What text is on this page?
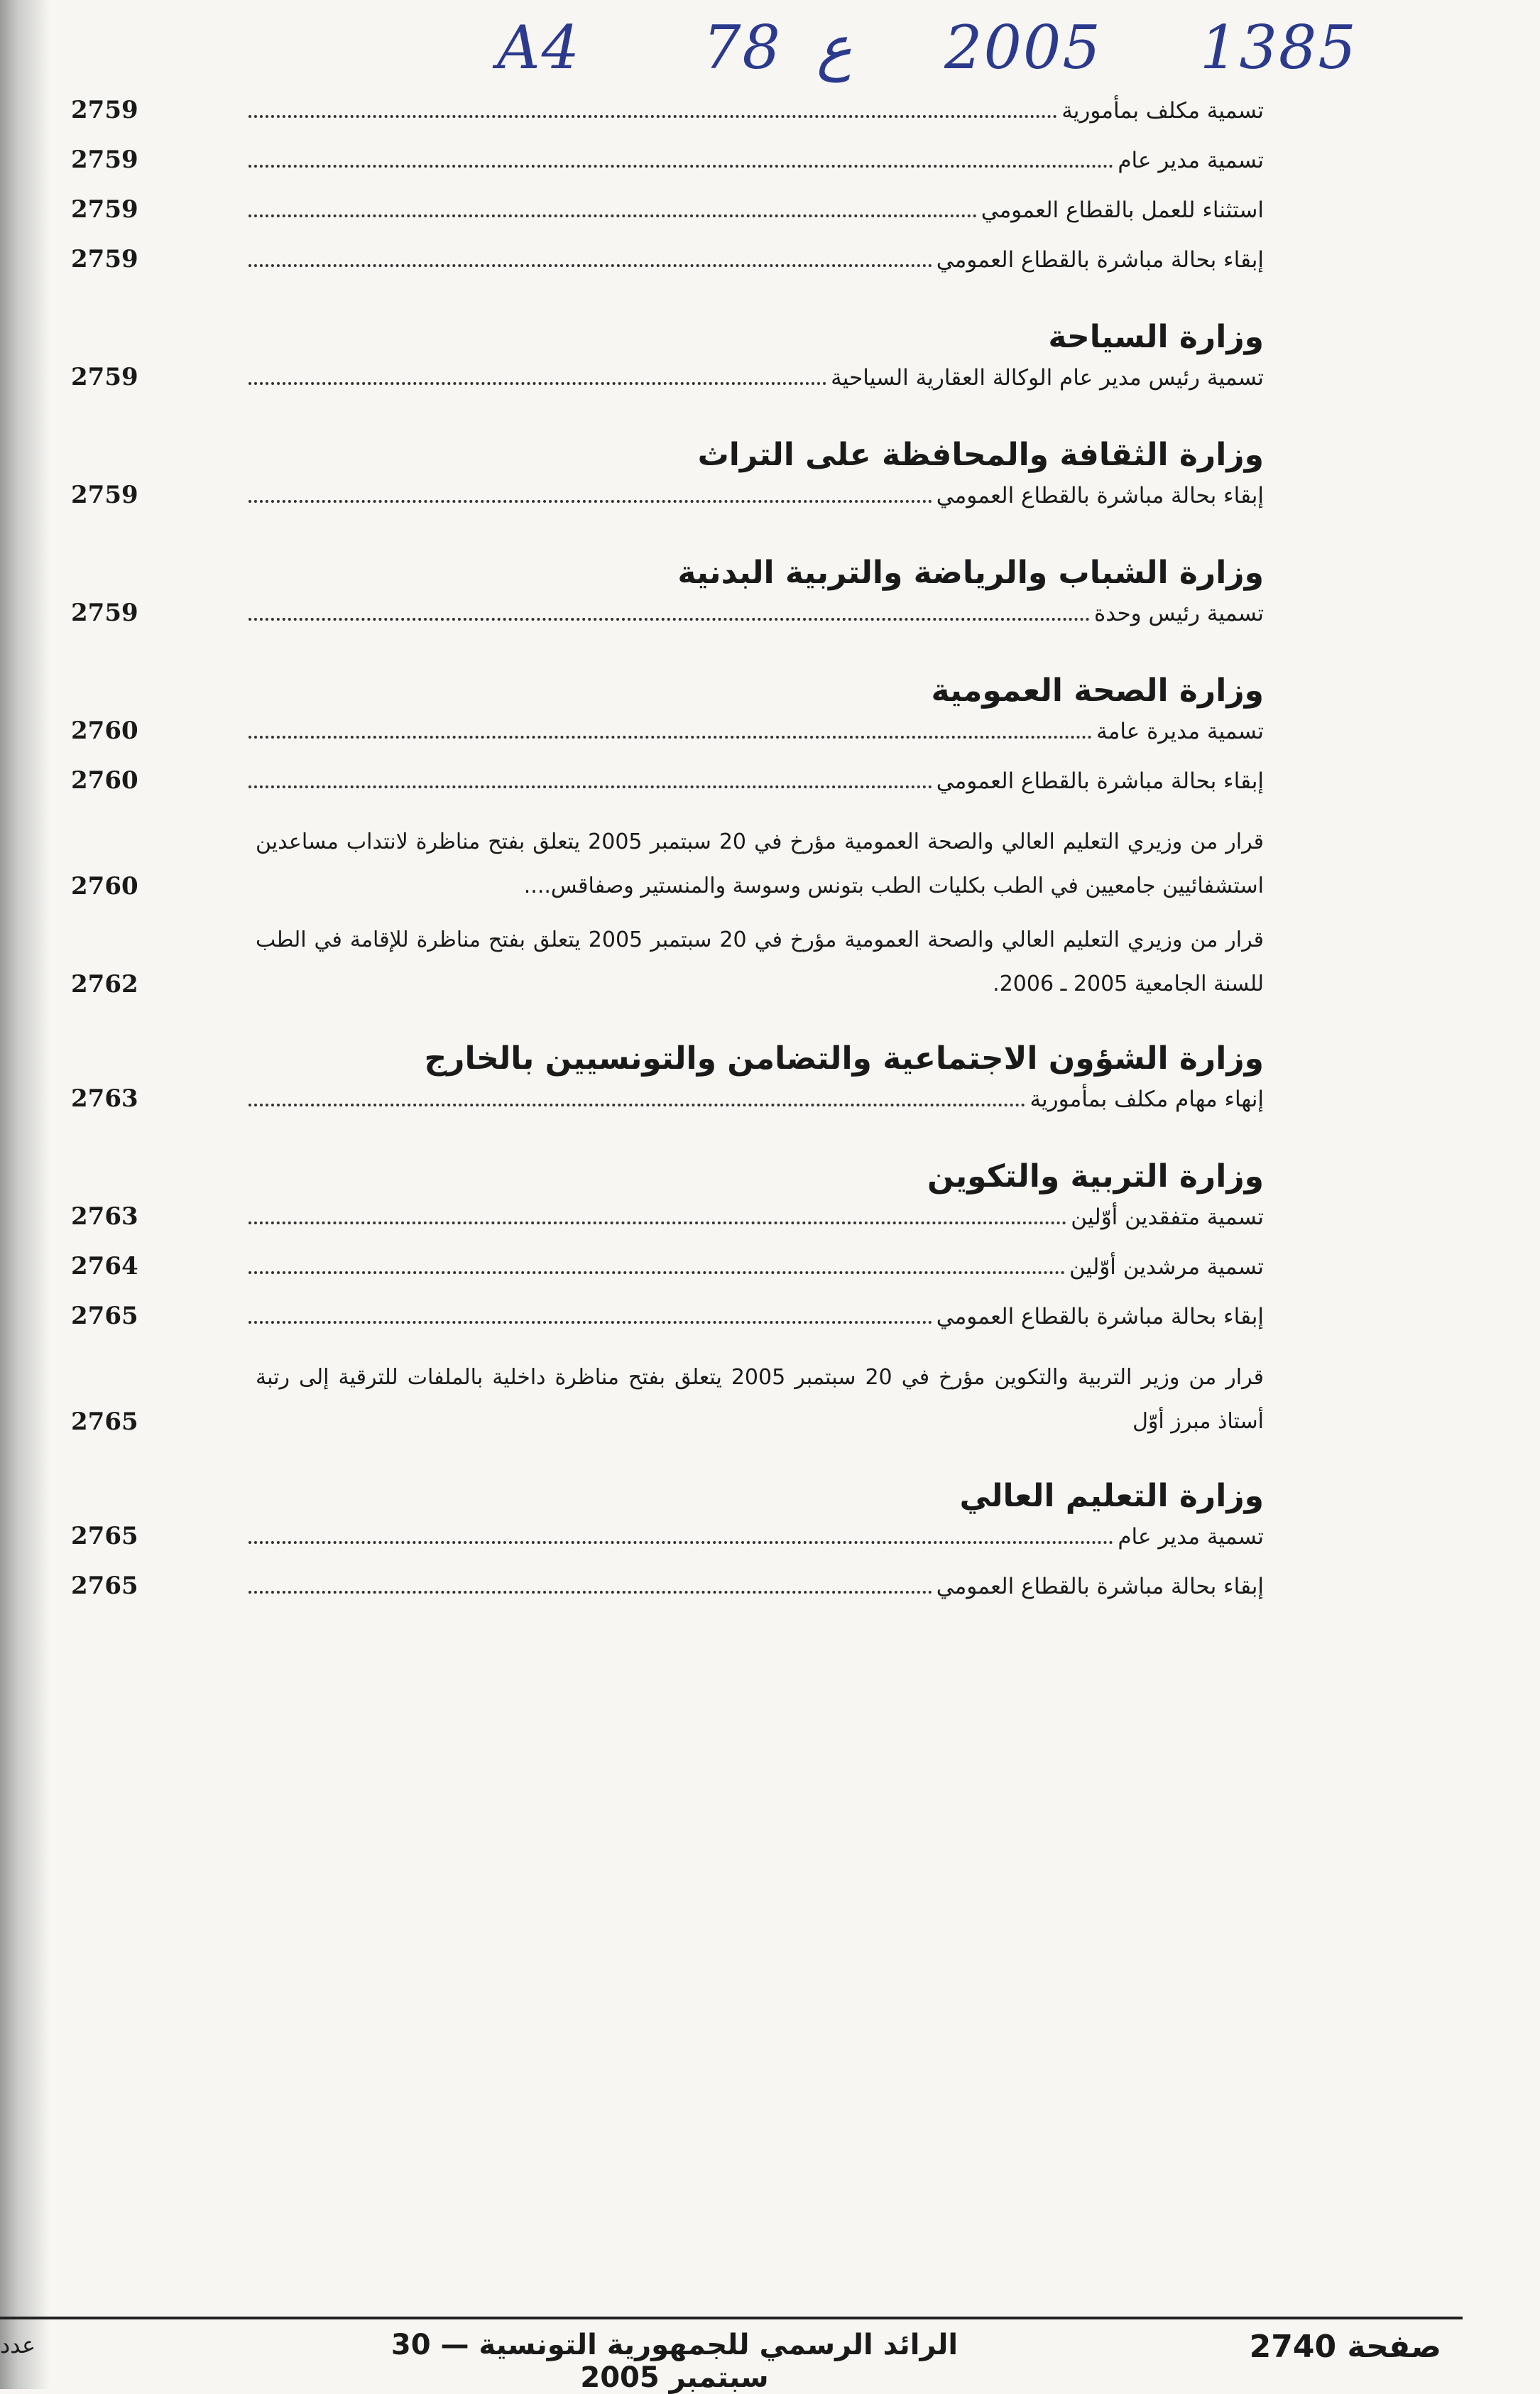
A4 78 ع 2005 1385
تسمية مكلف بمأمورية
2759
تسمية مدير عام
2759
استثناء للعمل بالقطاع العمومي
2759
إبقاء بحالة مباشرة بالقطاع العمومي
2759
وزارة السياحة
تسمية رئيس مدير عام الوكالة العقارية السياحية
2759
وزارة الثقافة والمحافظة على التراث
إبقاء بحالة مباشرة بالقطاع العمومي
2759
وزارة الشباب والرياضة والتربية البدنية
تسمية رئيس وحدة
2759
وزارة الصحة العمومية
تسمية مديرة عامة
2760
إبقاء بحالة مباشرة بالقطاع العمومي
2760
قرار من وزيري التعليم العالي والصحة العمومية مؤرخ في 20 سبتمبر 2005 يتعلق بفتح مناظرة لانتداب مساعدين استشفائيين جامعيين في الطب بكليات الطب بتونس وسوسة والمنستير وصفاقس....
2760
قرار من وزيري التعليم العالي والصحة العمومية مؤرخ في 20 سبتمبر 2005 يتعلق بفتح مناظرة للإقامة في الطب للسنة الجامعية 2005 ـ 2006.
2762
وزارة الشؤون الاجتماعية والتضامن والتونسيين بالخارج
إنهاء مهام مكلف بمأمورية
2763
وزارة التربية والتكوين
تسمية متفقدين أوّلين
2763
تسمية مرشدين أوّلين
2764
إبقاء بحالة مباشرة بالقطاع العمومي
2765
قرار من وزير التربية والتكوين مؤرخ في 20 سبتمبر 2005 يتعلق بفتح مناظرة داخلية بالملفات للترقية إلى رتبة أستاذ مبرز أوّل
2765
وزارة التعليم العالي
تسمية مدير عام
2765
إبقاء بحالة مباشرة بالقطاع العمومي
2765
عدد	الرائد الرسمي للجمهورية التونسية — 30 سبتمبر 2005
صفحة 2740
